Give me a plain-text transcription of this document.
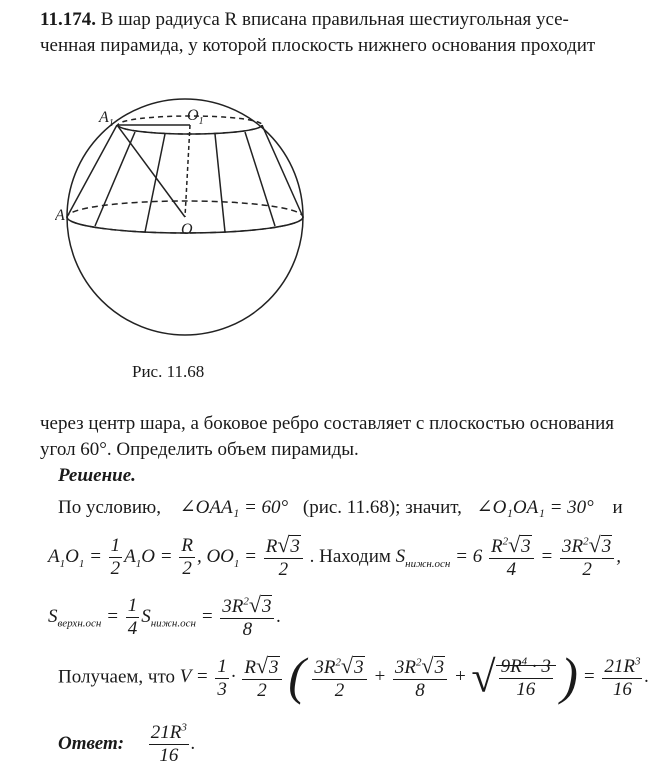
11.174. В шар радиуса R вписана правильная шестиугольная усе-
ченная пирамида, у которой плоскость нижнего основания проходит
$A_1$	$O_1$
A
O
Рис. 11.68
через центр шара, а боковое ребро составляет с плоскостью основания
угол 60°. Определить объем пирамиды.
Решение.
По условию, ∠OAA₁ = 60° (рис. 11.68); значит, ∠O₁OA₁ = 30° и
$A_1O_1 = \frac{1}{2} A_1O = \frac{R}{2}$ , $OO_1 = \frac{R√3}{2}$ . Находим $S_{нижн.осн} = 6 \frac{R^2√3}{4} = \frac{3R^2√3}{2}$ ,
$S_{верхн.осн} = \frac{1}{4} S_{нижн.осн} = \frac{3R^2√3}{8}$ .
Получаем, что $V = \frac{1}{3} \cdot \frac{R√3}{2}$ ( $\frac{3R^2√3}{2} + \frac{3R^2√3}{8}$ + √ $\frac{9R^4 \cdot 3}{16}$ ) = $\frac{21R^3}{16}$ .
Ответ: $\frac{21R^3}{16}$ .
